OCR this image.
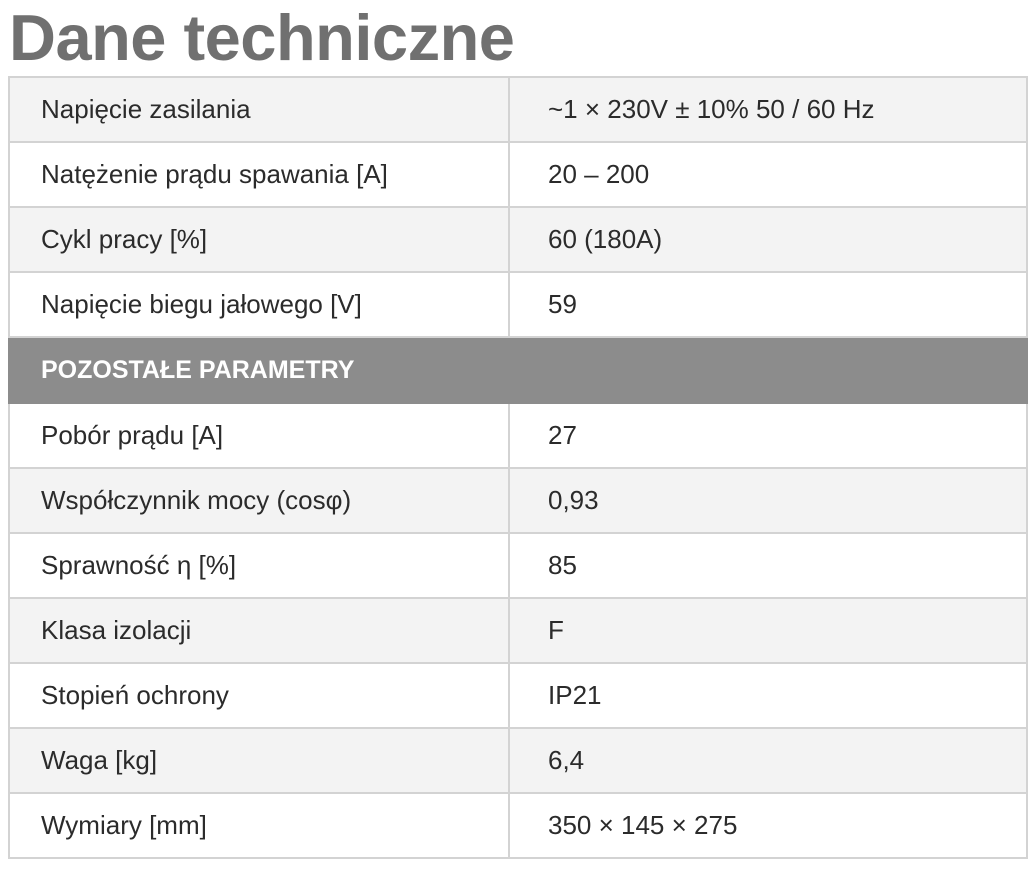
Dane techniczne
Napięcie zasilania	~1 × 230V ± 10% 50 / 60 Hz
Natężenie prądu spawania [A]	20 – 200
Cykl pracy [%]	60 (180A)
Napięcie biegu jałowego [V]	59
POZOSTAŁE PARAMETRY	
Pobór prądu [A]	27
Współczynnik mocy (cosφ)	0,93
Sprawność η [%]	85
Klasa izolacji	F
Stopień ochrony	IP21
Waga [kg]	6,4
Wymiary [mm]	350 × 145 × 275
